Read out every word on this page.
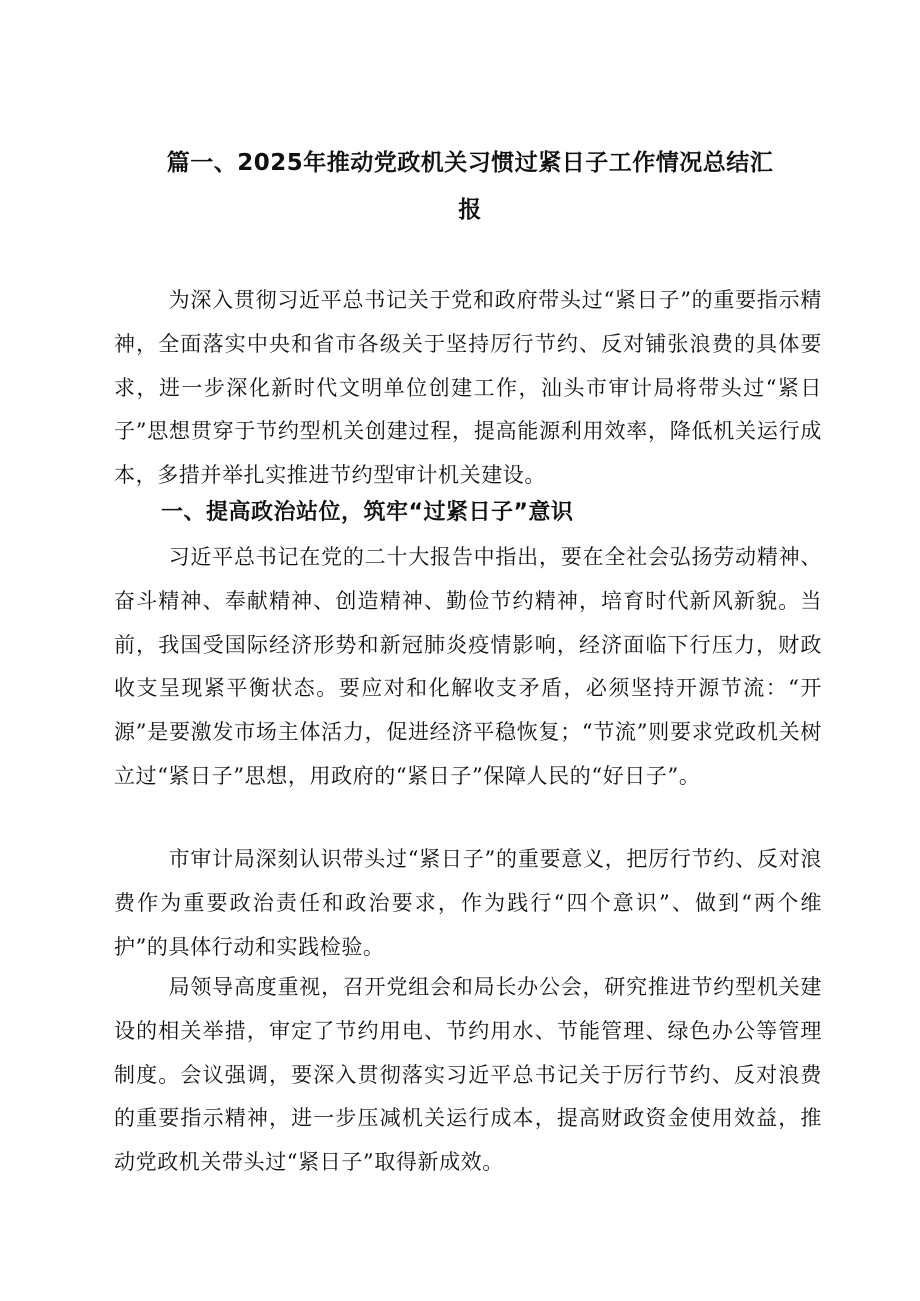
篇一、2025年推动党政机关习惯过紧日子工作情况总结汇
报

为深入贯彻习近平总书记关于党和政府带头过“紧日子”的重要指示精神，全面落实中央和省市各级关于坚持厉行节约、反对铺张浪费的具体要求，进一步深化新时代文明单位创建工作，汕头市审计局将带头过“紧日子”思想贯穿于节约型机关创建过程，提高能源利用效率，降低机关运行成本，多措并举扎实推进节约型审计机关建设。

一、提高政治站位，筑牢“过紧日子”意识

习近平总书记在党的二十大报告中指出，要在全社会弘扬劳动精神、奋斗精神、奉献精神、创造精神、勤俭节约精神，培育时代新风新貌。当前，我国受国际经济形势和新冠肺炎疫情影响，经济面临下行压力，财政收支呈现紧平衡状态。要应对和化解收支矛盾，必须坚持开源节流：“开源”是要激发市场主体活力，促进经济平稳恢复；“节流”则要求党政机关树立过“紧日子”思想，用政府的“紧日子”保障人民的“好日子”。

市审计局深刻认识带头过“紧日子”的重要意义，把厉行节约、反对浪费作为重要政治责任和政治要求，作为践行“四个意识”、做到“两个维护”的具体行动和实践检验。

局领导高度重视，召开党组会和局长办公会，研究推进节约型机关建设的相关举措，审定了节约用电、节约用水、节能管理、绿色办公等管理制度。会议强调，要深入贯彻落实习近平总书记关于厉行节约、反对浪费的重要指示精神，进一步压减机关运行成本，提高财政资金使用效益，推动党政机关带头过“紧日子”取得新成效。
